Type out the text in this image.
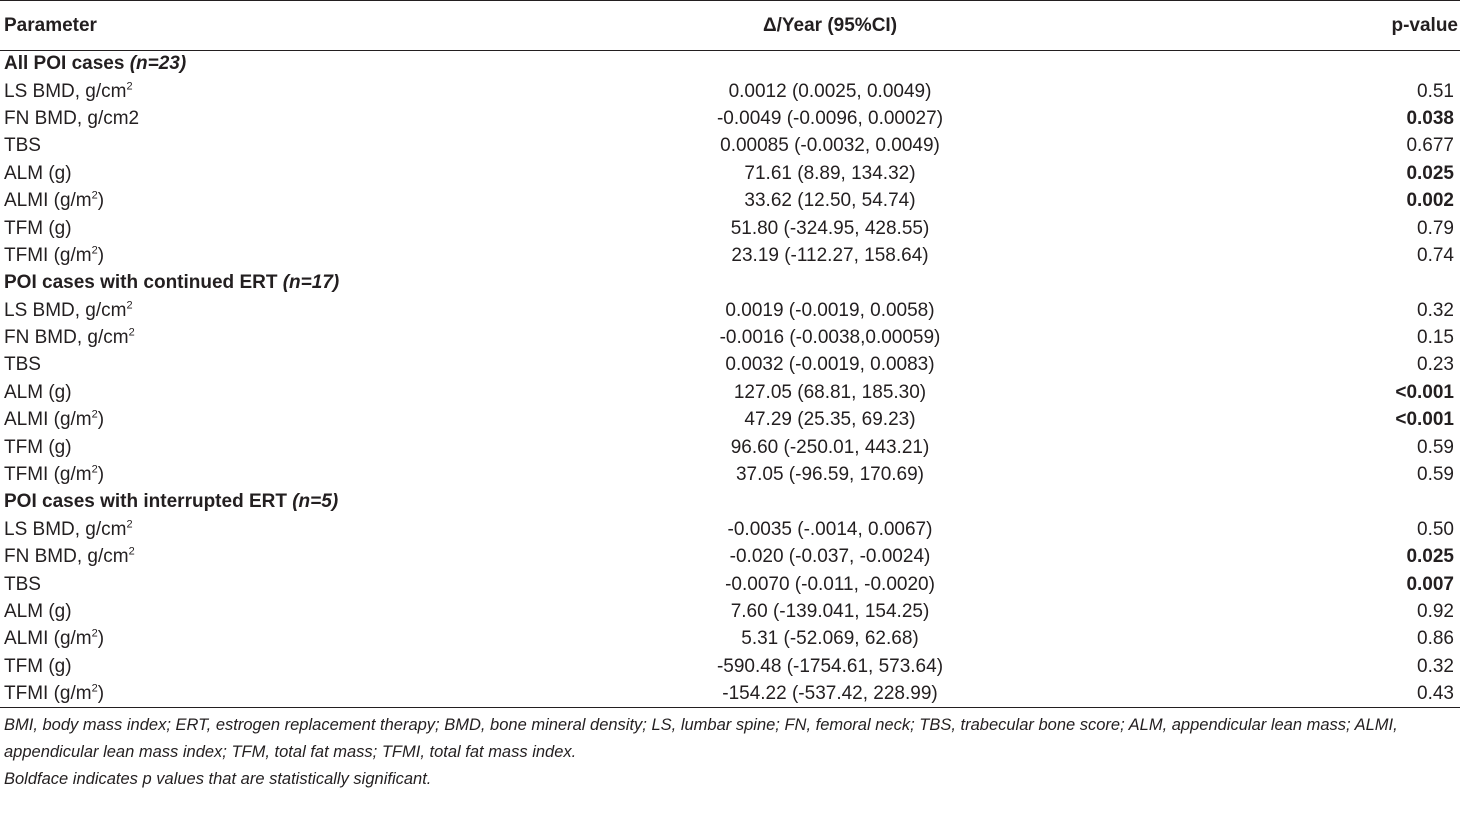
Parameter	Δ/Year (95%CI)	p-value
All POI cases (n=23)		
LS BMD, $g/cm^2$	0.0012 (0.0025, 0.0049)	0.51
FN BMD, g/cm2	-0.0049 (-0.0096, 0.00027)	0.038
TBS	0.00085 (-0.0032, 0.0049)	0.677
ALM (g)	71.61 (8.89, 134.32)	0.025
ALMI $(g/m^2)$	33.62 (12.50, 54.74)	0.002
TFM (g)	51.80 (-324.95, 428.55)	0.79
TFMI $(g/m^2)$	23.19 (-112.27, 158.64)	0.74
POI cases with continued ERT (n=17)		
LS BMD, $g/cm^2$	0.0019 (-0.0019, 0.0058)	0.32
FN BMD, $g/cm^2$	-0.0016 (-0.0038,0.00059)	0.15
TBS	0.0032 (-0.0019, 0.0083)	0.23
ALM (g)	127.05 (68.81, 185.30)	<0.001
ALMI $(g/m^2)$	47.29 (25.35, 69.23)	<0.001
TFM (g)	96.60 (-250.01, 443.21)	0.59
TFMI $(g/m^2)$	37.05 (-96.59, 170.69)	0.59
POI cases with interrupted ERT (n=5)		
LS BMD, $g/cm^2$	-0.0035 (-.0014, 0.0067)	0.50
FN BMD, $g/cm^2$	-0.020 (-0.037, -0.0024)	0.025
TBS	-0.0070 (-0.011, -0.0020)	0.007
ALM (g)	7.60 (-139.041, 154.25)	0.92
ALMI $(g/m^2)$	5.31 (-52.069, 62.68)	0.86
TFM (g)	-590.48 (-1754.61, 573.64)	0.32
TFMI $(g/m^2)$	-154.22 (-537.42, 228.99)	0.43

BMI, body mass index; ERT, estrogen replacement therapy; BMD, bone mineral density; LS, lumbar spine; FN, femoral neck; TBS, trabecular bone score; ALM, appendicular lean mass; ALMI, appendicular lean mass index; TFM, total fat mass; TFMI, total fat mass index.

Boldface indicates p values that are statistically significant.
